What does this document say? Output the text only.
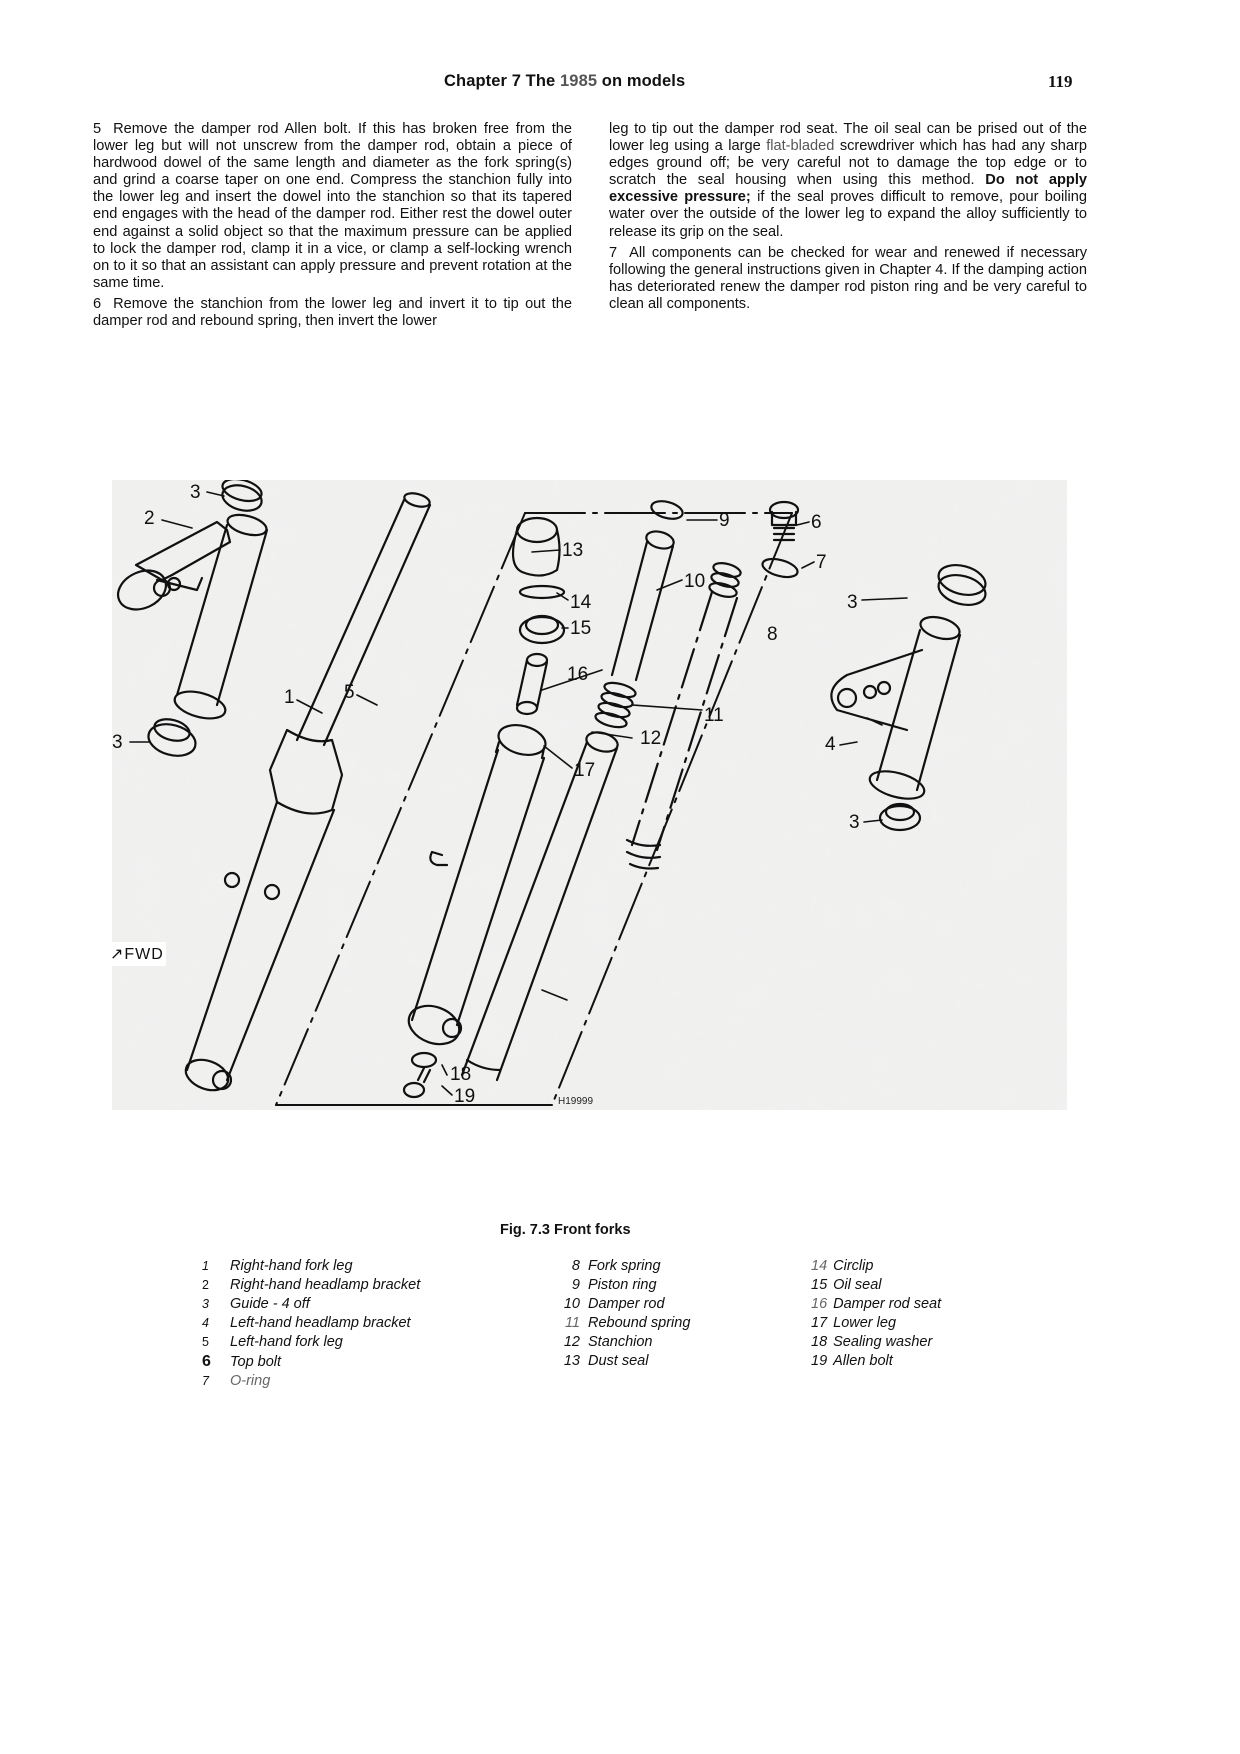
Chapter 7 The 1985 on models	119

5 Remove the damper rod Allen bolt. If this has broken free from the lower leg but will not unscrew from the damper rod, obtain a piece of hardwood dowel of the same length and diameter as the fork spring(s) and grind a coarse taper on one end. Compress the stanchion fully into the lower leg and insert the dowel into the stanchion so that its tapered end engages with the head of the damper rod. Either rest the dowel outer end against a solid object so that the maximum pressure can be applied to lock the damper rod, clamp it in a vice, or clamp a self-locking wrench on to it so that an assistant can apply pressure and prevent rotation at the same time.

6 Remove the stanchion from the lower leg and invert it to tip out the damper rod and rebound spring, then invert the lower

leg to tip out the damper rod seat. The oil seal can be prised out of the lower leg using a large flat-bladed screwdriver which has had any sharp edges ground off; be very careful not to damage the top edge or to scratch the seal housing when using this method. Do not apply excessive pressure; if the seal proves difficult to remove, pour boiling water over the outside of the lower leg to expand the alloy sufficiently to release its grip on the seal.

7 All components can be checked for wear and renewed if necessary following the general instructions given in Chapter 4. If the damping action has deteriorated renew the damper rod piston ring and be very careful to clean all components.

3
2
3
1	5
13
14
15
16
9
10
11
12
6
7
3
8
4
3
17
18
19	H19999
↗FWD
Fig. 7.3 Front forks
1 Right-hand fork leg
2 Right-hand headlamp bracket
3 Guide - 4 off
4 Left-hand headlamp bracket
5 Left-hand fork leg
6 Top bolt
7 O-ring
8 Fork spring
9 Piston ring
10 Damper rod
11 Rebound spring
12 Stanchion
13 Dust seal
14 Circlip
15 Oil seal
16 Damper rod seat
17 Lower leg
18 Sealing washer
19 Allen bolt
